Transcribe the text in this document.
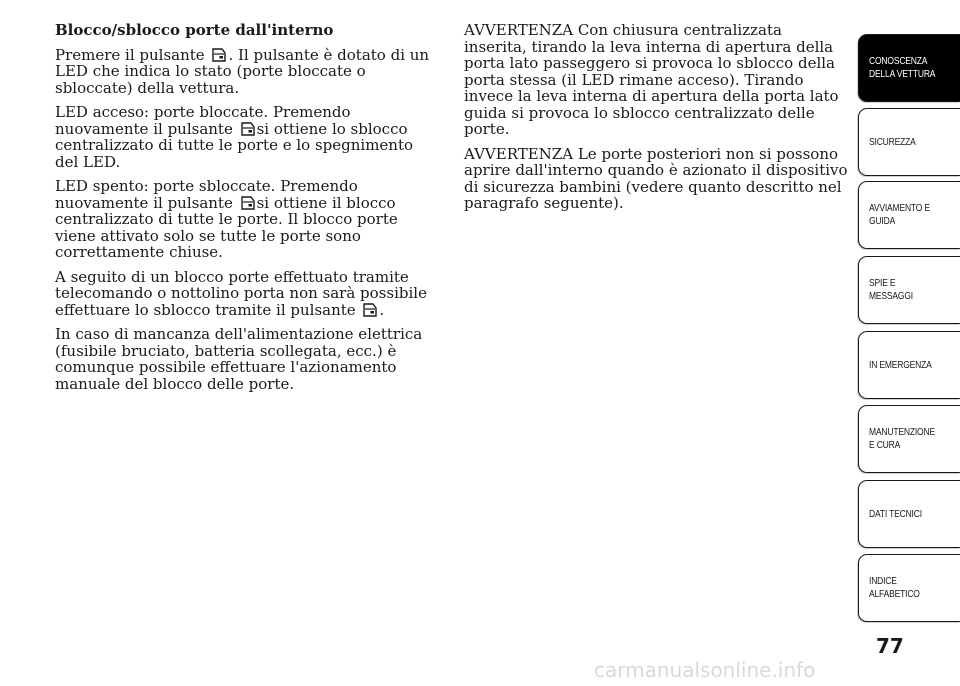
Blocco/sblocco porte dall'interno

Premere il pulsante . Il pulsante è dotato di un LED che indica lo stato (porte bloccate o sbloccate) della vettura.

LED acceso: porte bloccate. Premendo nuovamente il pulsante si ottiene lo sblocco centralizzato di tutte le porte e lo spegnimento del LED.

LED spento: porte sbloccate. Premendo nuovamente il pulsante si ottiene il blocco centralizzato di tutte le porte. Il blocco porte viene attivato solo se tutte le porte sono correttamente chiuse.

A seguito di un blocco porte effettuato tramite telecomando o nottolino porta non sarà possibile effettuare lo sblocco tramite il pulsante .

In caso di mancanza dell'alimentazione elettrica (fusibile bruciato, batteria scollegata, ecc.) è comunque possibile effettuare l'azionamento manuale del blocco delle porte.

AVVERTENZA Con chiusura centralizzata inserita, tirando la leva interna di apertura della porta lato passeggero si provoca lo sblocco della porta stessa (il LED rimane acceso). Tirando invece la leva interna di apertura della porta lato guida si provoca lo sblocco centralizzato delle porte.

AVVERTENZA Le porte posteriori non si possono aprire dall'interno quando è azionato il dispositivo di sicurezza bambini (vedere quanto descritto nel paragrafo seguente).

CONOSCENZA DELLA VETTURA
SICUREZZA
AVVIAMENTO E GUIDA
SPIE E MESSAGGI
IN EMERGENZA
MANUTENZIONE E CURA
DATI TECNICI
INDICE ALFABETICO
77
carmanualsonline.info
